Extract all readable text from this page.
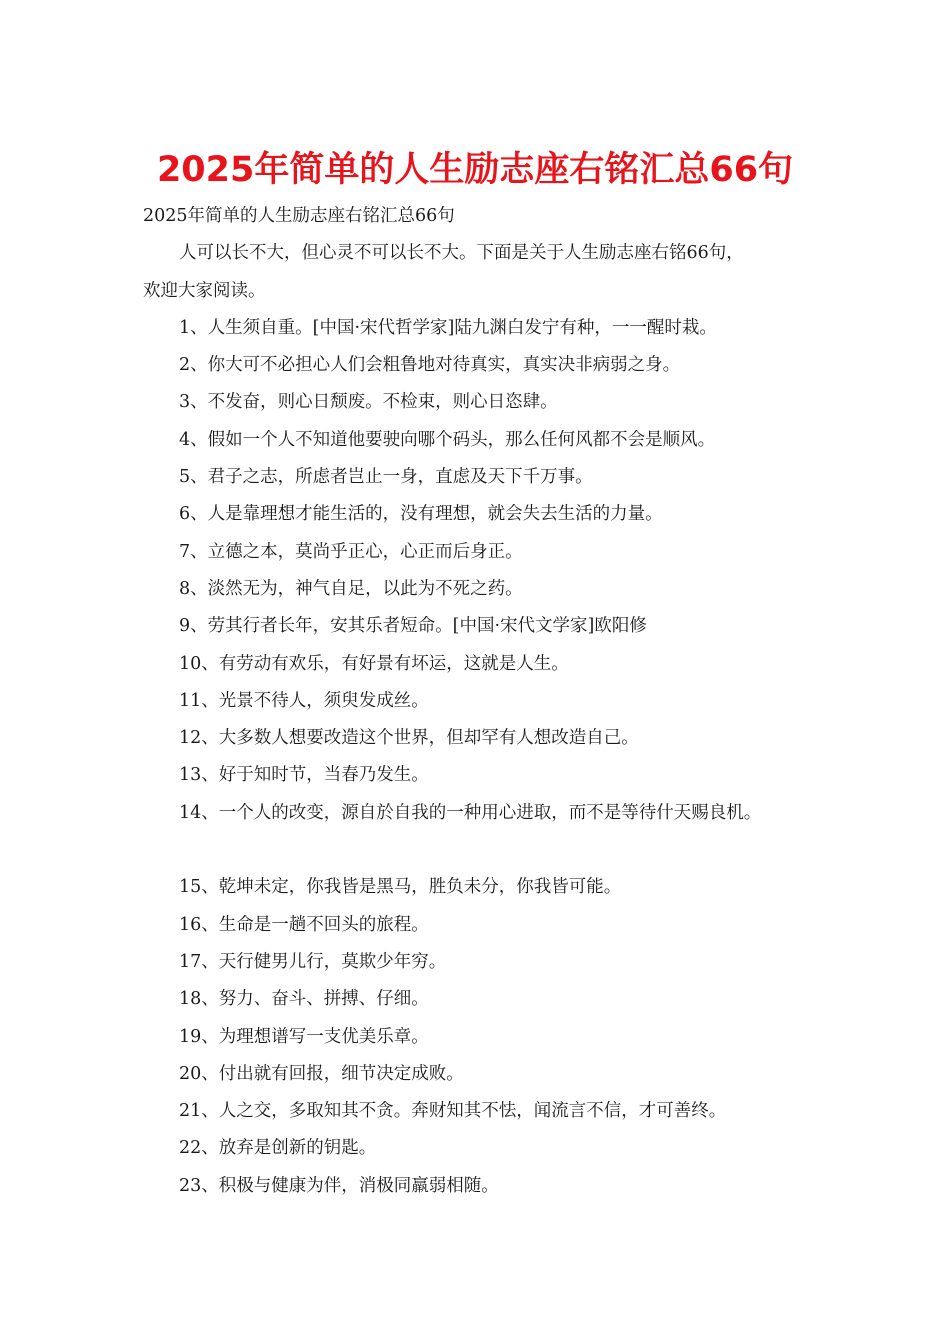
2025年简单的人生励志座右铭汇总66句

2025年简单的人生励志座右铭汇总66句

人可以长不大，但心灵不可以长不大。下面是关于人生励志座右铭66句，

欢迎大家阅读。

1、人生须自重。[中国·宋代哲学家]陆九渊白发宁有种，一一醒时栽。

2、你大可不必担心人们会粗鲁地对待真实，真实决非病弱之身。

3、不发奋，则心日颓废。不检束，则心日恣肆。

4、假如一个人不知道他要驶向哪个码头，那么任何风都不会是顺风。

5、君子之志，所虑者岂止一身，直虑及天下千万事。

6、人是靠理想才能生活的，没有理想，就会失去生活的力量。

7、立德之本，莫尚乎正心，心正而后身正。

8、淡然无为，神气自足，以此为不死之药。

9、劳其行者长年，安其乐者短命。[中国·宋代文学家]欧阳修

10、有劳动有欢乐，有好景有坏运，这就是人生。

11、光景不待人，须臾发成丝。

12、大多数人想要改造这个世界，但却罕有人想改造自己。

13、好于知时节，当春乃发生。

14、一个人的改变，源自於自我的一种用心进取，而不是等待什天赐良机。

15、乾坤未定，你我皆是黑马，胜负未分，你我皆可能。

16、生命是一趟不回头的旅程。

17、天行健男儿行，莫欺少年穷。

18、努力、奋斗、拼搏、仔细。

19、为理想谱写一支优美乐章。

20、付出就有回报，细节决定成败。

21、人之交，多取知其不贪。奔财知其不怯，闻流言不信，才可善终。

22、放弃是创新的钥匙。

23、积极与健康为伴，消极同羸弱相随。
